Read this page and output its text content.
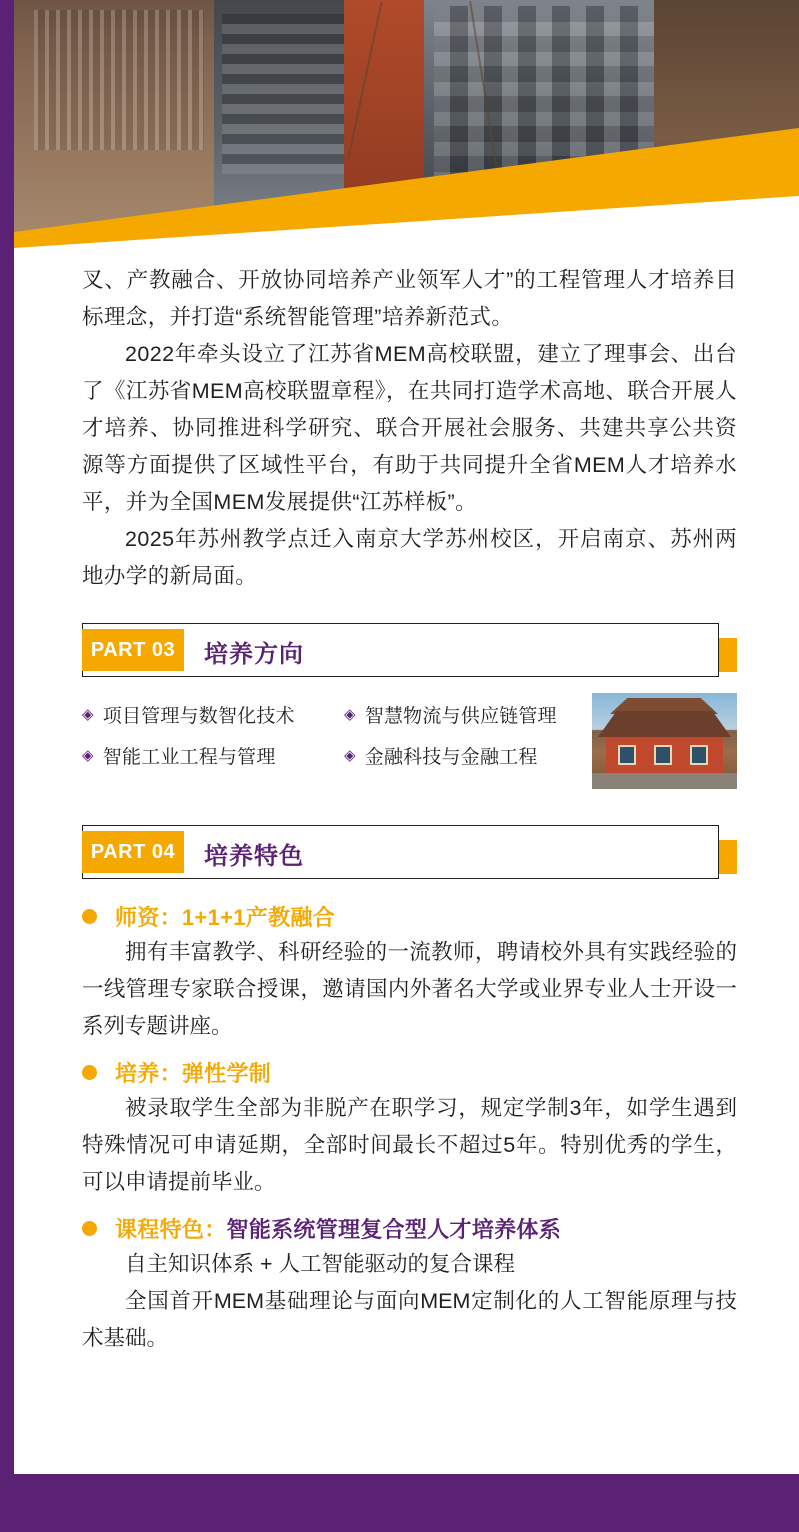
叉、产教融合、开放协同培养产业领军人才”的工程管理人才培养目标理念，并打造“系统智能管理”培养新范式。

2022年牵头设立了江苏省MEM高校联盟，建立了理事会、出台了《江苏省MEM高校联盟章程》，在共同打造学术高地、联合开展人才培养、协同推进科学研究、联合开展社会服务、共建共享公共资源等方面提供了区域性平台，有助于共同提升全省MEM人才培养水平，并为全国MEM发展提供“江苏样板”。

2025年苏州教学点迁入南京大学苏州校区，开启南京、苏州两地办学的新局面。

PART 03 培养方向
◈ 项目管理与数智化技术	◈ 智慧物流与供应链管理
◈ 智能工业工程与管理	◈ 金融科技与金融工程
PART 04 培养特色
师资：1+1+1产教融合

拥有丰富教学、科研经验的一流教师，聘请校外具有实践经验的一线管理专家联合授课，邀请国内外著名大学或业界专业人士开设一系列专题讲座。

培养：弹性学制

被录取学生全部为非脱产在职学习，规定学制3年，如学生遇到特殊情况可申请延期，全部时间最长不超过5年。特别优秀的学生，可以申请提前毕业。

课程特色：智能系统管理复合型人才培养体系

自主知识体系 + 人工智能驱动的复合课程

全国首开MEM基础理论与面向MEM定制化的人工智能原理与技术基础。
